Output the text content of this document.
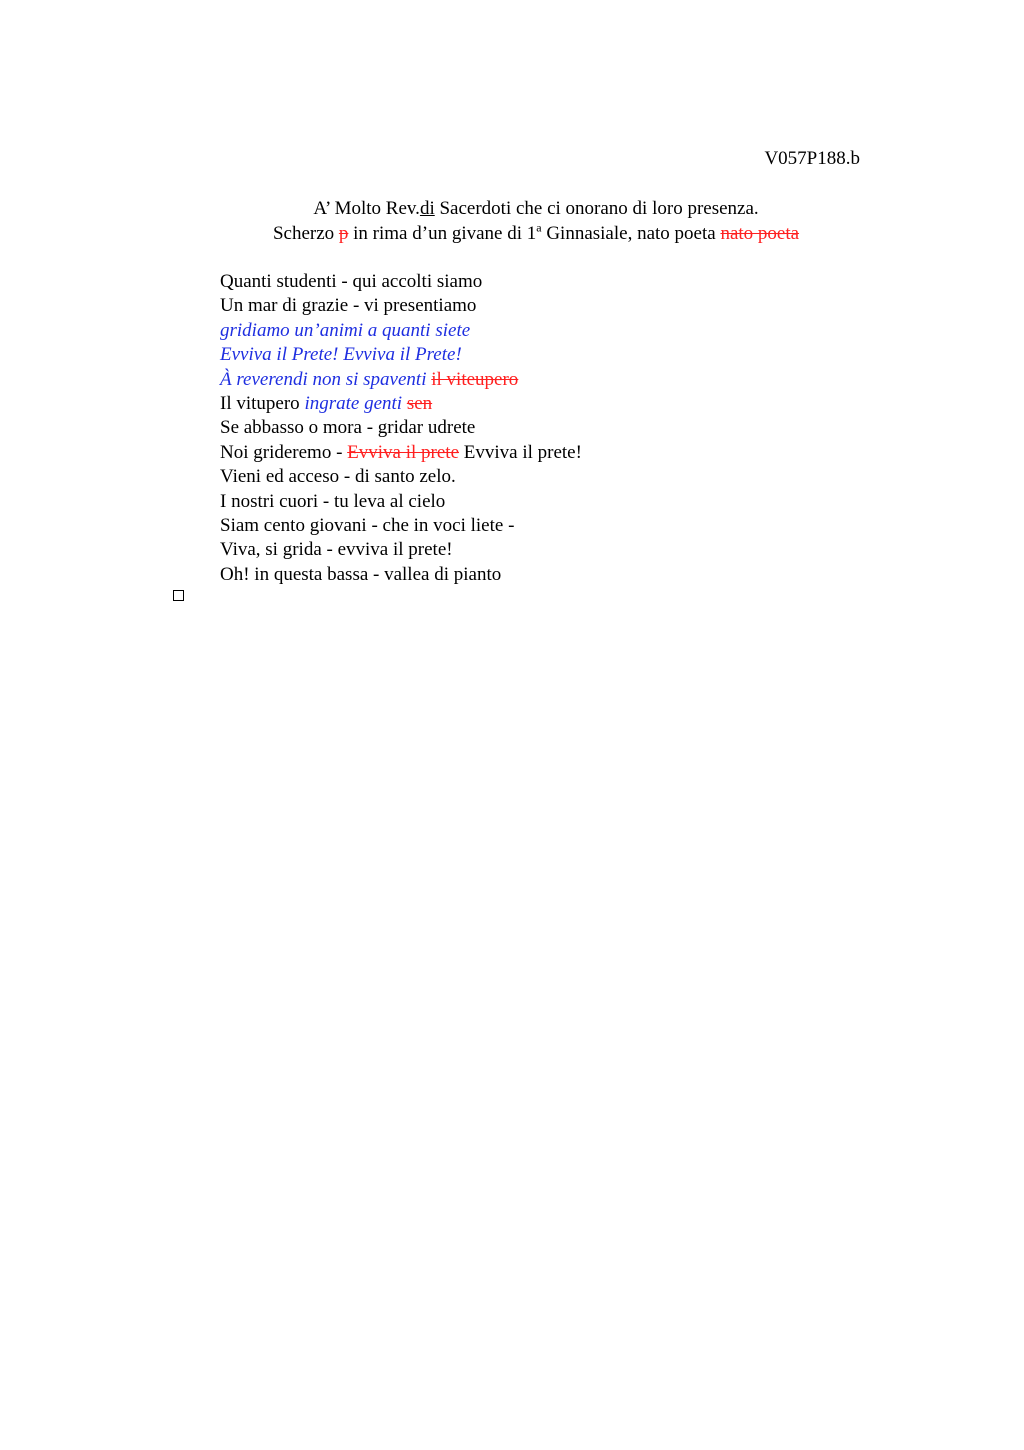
V057P188.b
A’ Molto Rev.di Sacerdoti che ci onorano di loro presenza.
Scherzo p in rima d’un givane di 1$^a$ Ginnasiale, nato poeta nato poeta
Quanti studenti - qui accolti siamo
Un mar di grazie - vi presentiamo
gridiamo un’animi a quanti siete
Evviva il Prete! Evviva il Prete!
À reverendi non si spaventi il viteupero
Il vitupero ingrate genti sen
Se abbasso o mora - gridar udrete
Noi grideremo - Evviva il prete Evviva il prete!
Vieni ed acceso - di santo zelo.
I nostri cuori - tu leva al cielo
Siam cento giovani - che in voci liete -
Viva, si grida - evviva il prete!
Oh! in questa bassa - vallea di pianto
